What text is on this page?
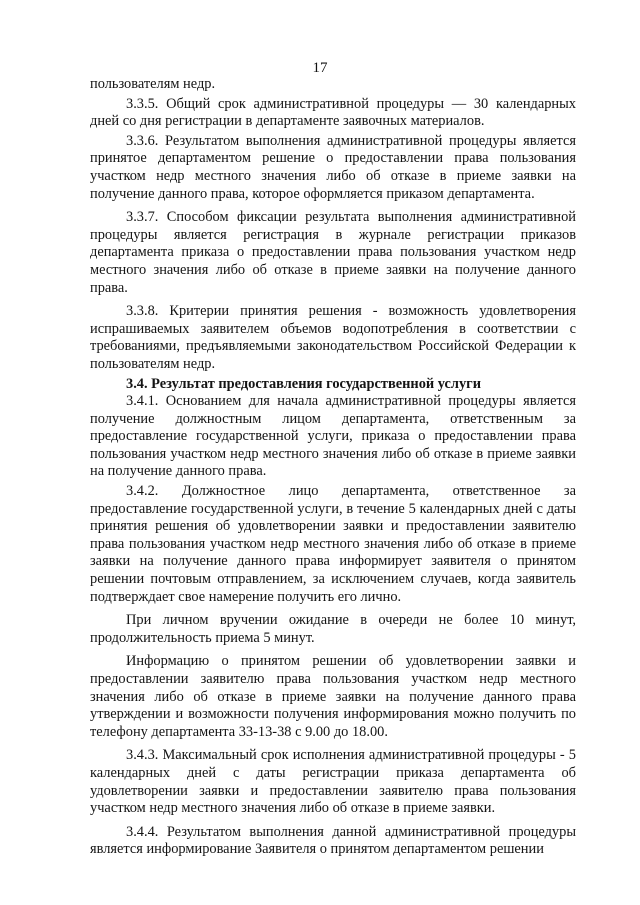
17

пользователям недр.

3.3.5. Общий срок административной процедуры — 30 календарных дней со дня регистрации в департаменте заявочных материалов.

3.3.6. Результатом выполнения административной процедуры является принятое департаментом решение о предоставлении права пользования участком недр местного значения либо об отказе в приеме заявки на получение данного права, которое оформляется приказом департамента.

3.3.7. Способом фиксации результата выполнения административной процедуры является регистрация в журнале регистрации приказов департамента приказа о предоставлении права пользования участком недр местного значения либо об отказе в приеме заявки на получение данного права.

3.3.8. Критерии принятия решения - возможность удовлетворения испрашиваемых заявителем объемов водопотребления в соответствии с требованиями, предъявляемыми законодательством Российской Федерации к пользователям недр.

3.4. Результат предоставления государственной услуги

3.4.1. Основанием для начала административной процедуры является получение должностным лицом департамента, ответственным за предоставление государственной услуги, приказа о предоставлении права пользования участком недр местного значения либо об отказе в приеме заявки на получение данного права.

3.4.2. Должностное лицо департамента, ответственное за предоставление государственной услуги, в течение 5 календарных дней с даты принятия решения об удовлетворении заявки и предоставлении заявителю права пользования участком недр местного значения либо об отказе в приеме заявки на получение данного права информирует заявителя о принятом решении почтовым отправлением, за исключением случаев, когда заявитель подтверждает свое намерение получить его лично.

При личном вручении ожидание в очереди не более 10 минут, продолжительность приема 5 минут.

Информацию о принятом решении об удовлетворении заявки и предоставлении заявителю права пользования участком недр местного значения либо об отказе в приеме заявки на получение данного права утверждении и возможности получения информирования можно получить по телефону департамента 33-13-38 с 9.00 до 18.00.

3.4.3. Максимальный срок исполнения административной процедуры - 5 календарных дней с даты регистрации приказа департамента об удовлетворении заявки и предоставлении заявителю права пользования участком недр местного значения либо об отказе в приеме заявки.

3.4.4. Результатом выполнения данной административной процедуры является информирование Заявителя о принятом департаментом решении
